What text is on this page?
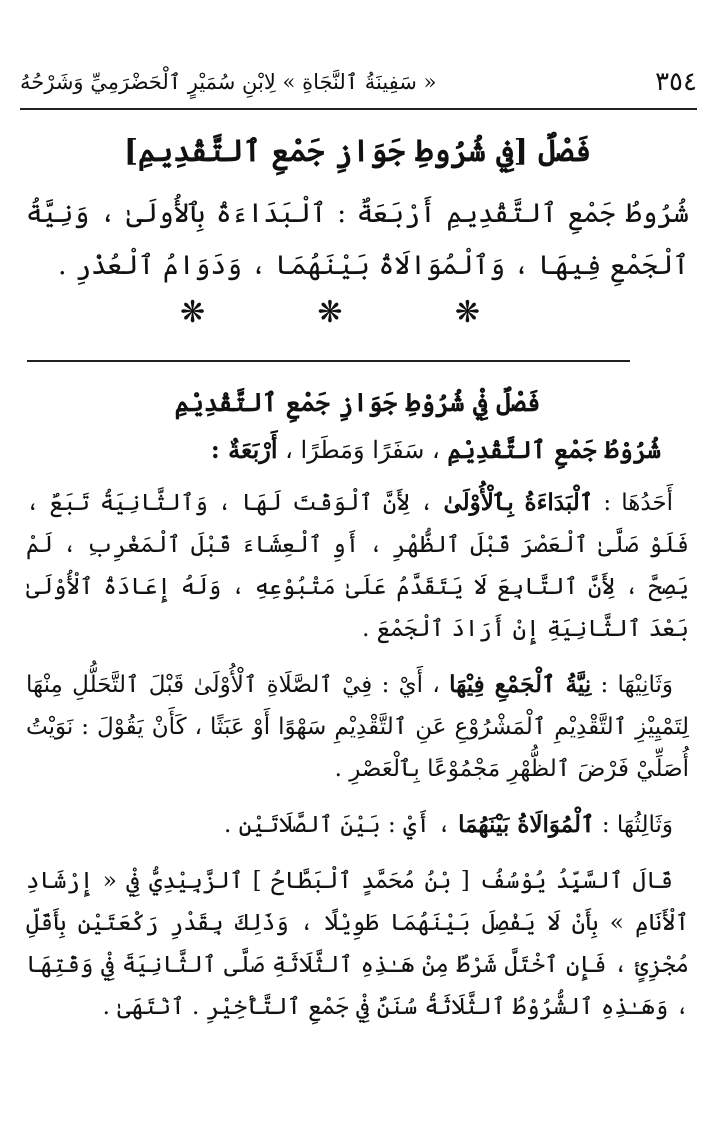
٣٥٤
« سَفِينَةُ ٱلنَّجَاةِ » لِابْنِ سُمَيْرٍ ٱلْحَضْرَمِيِّ وَشَرْحُهُ
فَصْلٌ [فِي شُرُوطِ جَوَازِ جَمْعِ ٱلتَّقْدِيمِ]

شُرُوطُ جَمْعِ ٱلتَّقْدِيمِ أَرْبَعَةٌ : ٱلْبَدَاءَةُ بِٱلأُولَىٰ ، وَنِيَّةُ ٱلْجَمْعِ فِيهَا ، وَٱلْمُوَالَاةُ بَيْنَهُمَا ، وَدَوَامُ ٱلْعُذْرِ .

❋	❋	❋
فَصْلٌ فِيْ شُرُوْطِ جَوَازِ جَمْعِ ٱلتَّقْدِيْمِ
شُرُوْطُ جَمْعِ ٱلتَّقْدِيْمِ ، سَفَرًا وَمَطَرًا ، أَرْبَعَةٌ :

أَحَدُهَا : ٱلْبَدَاءَةُ بِٱلْأُوْلَىٰ ، لِأَنَّ ٱلْوَقْتَ لَهَا ، وَٱلثَّانِيَةُ تَبَعٌ ، فَلَوْ صَلَّىٰ ٱلْعَصْرَ قَبْلَ ٱلظُّهْرِ ، أَوِ ٱلْعِشَاءَ قَبْلَ ٱلْمَغْرِبِ ، لَمْ يَصِحَّ ، لِأَنَّ ٱلتَّابِعَ لَا يَتَقَدَّمُ عَلَىٰ مَتْبُوْعِهِ ، وَلَهُ إِعَادَةُ ٱلْأُوْلَىٰ بَعْدَ ٱلثَّانِيَةِ إِنْ أَرَادَ ٱلْجَمْعَ .

وَثَانِيْهَا : نِيَّةُ ٱلْجَمْعِ فِيْهَا ، أَيْ : فِيْ ٱلصَّلَاةِ ٱلْأُوْلَىٰ قَبْلَ ٱلتَّحَلُّلِ مِنْهَا لِتَمْيِيْزِ ٱلتَّقْدِيْمِ ٱلْمَشْرُوْعِ عَنِ ٱلتَّقْدِيْمِ سَهْوًا أَوْ عَبَثًا ، كَأَنْ يَقُوْلَ : نَوَيْتُ أُصَلِّيْ فَرْضَ ٱلظُّهْرِ مَجْمُوْعًا بِٱلْعَصْرِ .

وَثَالِثُهَا : ٱلْمُوَالَاةُ بَيْنَهُمَا ، أَيْ : بَيْنَ ٱلصَّلَاتَيْنِ .

قَالَ ٱلسَّيِّدُ يُوْسُفُ [ بْنُ مُحَمَّدٍ ٱلْبَطَّاحُ ] ٱلزَّبِيْدِيُّ فِيْ « إِرْشَادِ ٱلْأَنَامِ » بِأَنْ لَا يَفْصِلَ بَيْنَهُمَا طَوِيْلًا ، وَذَلِكَ بِقَدْرِ رَكْعَتَيْنِ بِأَقَلِّ مُجْزِئٍ ، فَإِنِ ٱخْتَلَّ شَرْطٌ مِنْ هَـٰذِهِ ٱلثَّلَاثَةِ صَلَّى ٱلثَّانِيَةَ فِيْ وَقْتِهَا ، وَهَـٰذِهِ ٱلشُّرُوْطُ ٱلثَّلَاثَةُ سُنَنٌ فِيْ جَمْعِ ٱلتَّأْخِيْرِ . ٱنْتَهَىٰ .
